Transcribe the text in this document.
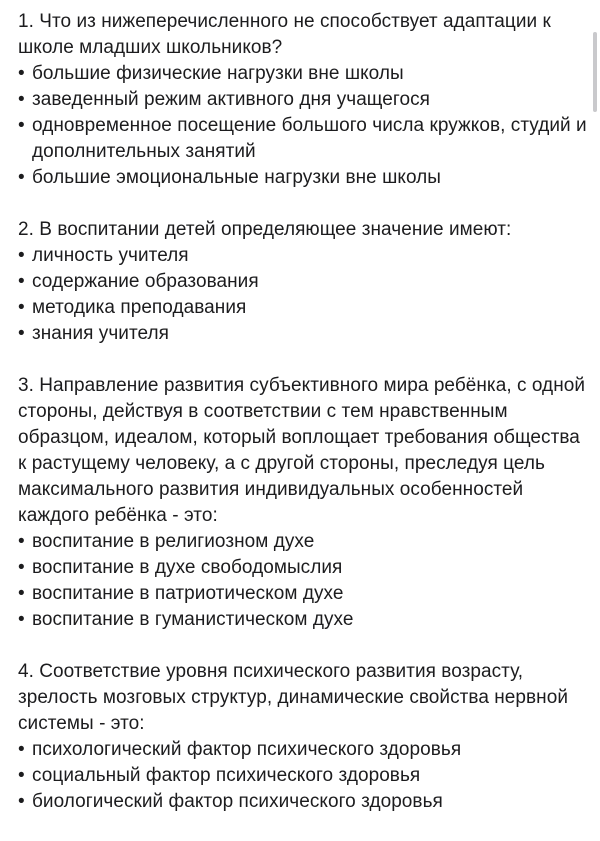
1. Что из нижеперечисленного не способствует адаптации к школе младших школьников?
• большие физические нагрузки вне школы
• заведенный режим активного дня учащегося
• одновременное посещение большого числа кружков, студий и дополнительных занятий
• большие эмоциональные нагрузки вне школы
2. В воспитании детей определяющее значение имеют:
• личность учителя
• содержание образования
• методика преподавания
• знания учителя
3. Направление развития субъективного мира ребёнка, с одной стороны, действуя в соответствии с тем нравственным образцом, идеалом, который воплощает требования общества к растущему человеку, а с другой стороны, преследуя цель максимального развития индивидуальных особенностей каждого ребёнка - это:
• воспитание в религиозном духе
• воспитание в духе свободомыслия
• воспитание в патриотическом духе
• воспитание в гуманистическом духе
4. Соответствие уровня психического развития возрасту, зрелость мозговых структур, динамические свойства нервной системы - это:
• психологический фактор психического здоровья
• социальный фактор психического здоровья
• биологический фактор психического здоровья
